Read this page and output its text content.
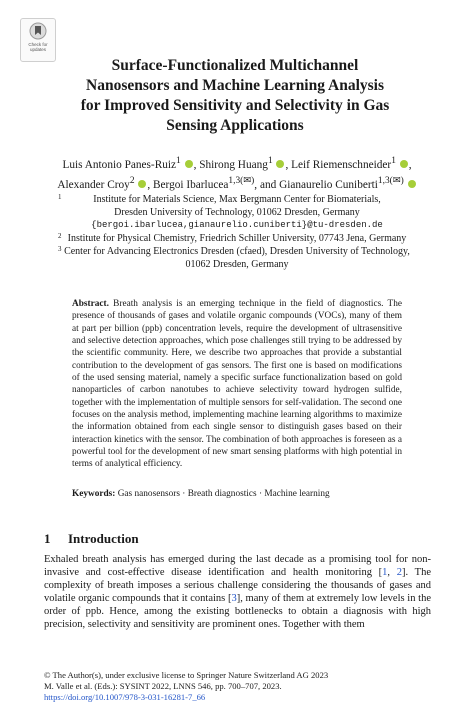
Check for
updates
Surface-Functionalized Multichannel
Nanosensors and Machine Learning Analysis
for Improved Sensitivity and Selectivity in Gas
Sensing Applications
Luis Antonio Panes-Ruiz$^1$ , Shirong Huang$^1$ , Leif Riemenschneider$^1$ ,
Alexander Croy$^2$ , Bergoi Ibarlucea$^{1,3(✉)}$, and Gianaurelio Cuniberti$^{1,3(✉)}$
1	Institute for Materials Science, Max Bergmann Center for Biomaterials,
Dresden University of Technology, 01062 Dresden, Germany
{bergoi.ibarlucea,gianaurelio.cuniberti}@tu-dresden.de
2 Institute for Physical Chemistry, Friedrich Schiller University, 07743 Jena, Germany
3 Center for Advancing Electronics Dresden (cfaed), Dresden University of Technology,
01062 Dresden, Germany
Abstract. Breath analysis is an emerging technique in the field of diagnostics. The presence of thousands of gases and volatile organic compounds (VOCs), many of them at part per billion (ppb) concentration levels, require the development of ultrasensitive and selective detection approaches, which pose challenges still trying to be addressed by the scientific community. Here, we describe two approaches that provide a substantial contribution to the development of gas sensors. The first one is based on modifications of the used sensing material, namely a specific surface functionalization based on gold nanoparticles of carbon nanotubes to achieve selectivity toward hydrogen sulfide, together with the implementation of multiple sensors for self-validation. The second one focuses on the analysis method, implementing machine learning algorithms to maximize the information obtained from each single sensor to distinguish gases based on their interaction kinetics with the sensor. The combination of both approaches is foreseen as a powerful tool for the development of new smart sensing platforms with high potential in terms of analytical efficiency.
Keywords: Gas nanosensors · Breath diagnostics · Machine learning
1 Introduction
Exhaled breath analysis has emerged during the last decade as a promising tool for non-invasive and cost-effective disease identification and health monitoring [1, 2]. The complexity of breath imposes a serious challenge considering the thousands of gases and volatile organic compounds that it contains [3], many of them at extremely low levels in the order of ppb. Hence, among the existing bottlenecks to obtain a diagnosis with high precision, selectivity and sensitivity are prominent ones. Together with them
© The Author(s), under exclusive license to Springer Nature Switzerland AG 2023
M. Valle et al. (Eds.): SYSINT 2022, LNNS 546, pp. 700–707, 2023.
https://doi.org/10.1007/978-3-031-16281-7_66
